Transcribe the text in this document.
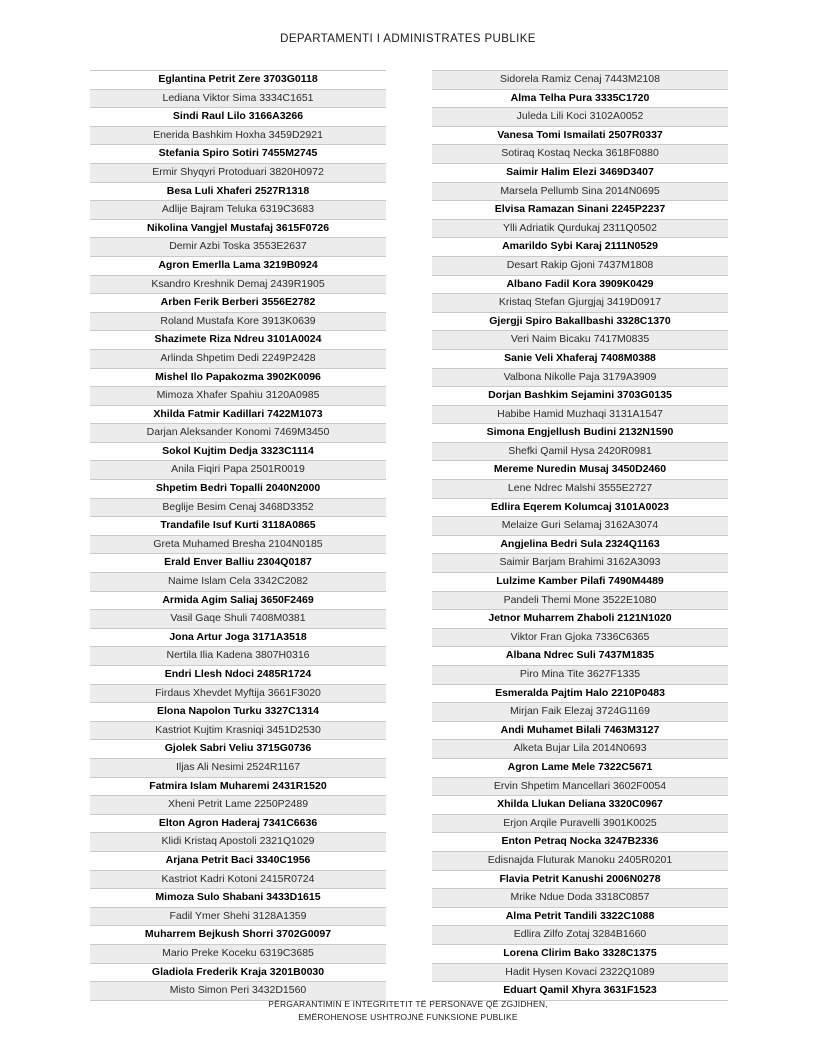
DEPARTAMENTI I ADMINISTRATES PUBLIKE
Eglantina Petrit Zere 3703G0118
Lediana Viktor Sima 3334C1651
Sindi Raul Lilo 3166A3266
Enerida Bashkim Hoxha 3459D2921
Stefania Spiro Sotiri 7455M2745
Ermir Shyqyri Protoduari 3820H0972
Besa Luli Xhaferi 2527R1318
Adlije Bajram Teluka 6319C3683
Nikolina Vangjel Mustafaj 3615F0726
Demir Azbi Toska 3553E2637
Agron Emerlla Lama 3219B0924
Ksandro Kreshnik Demaj 2439R1905
Arben Ferik Berberi 3556E2782
Roland Mustafa Kore 3913K0639
Shazimete Riza Ndreu 3101A0024
Arlinda Shpetim Dedi 2249P2428
Mishel Ilo Papakozma 3902K0096
Mimoza Xhafer Spahiu 3120A0985
Xhilda Fatmir Kadillari 7422M1073
Darjan Aleksander Konomi 7469M3450
Sokol Kujtim Dedja 3323C1114
Anila Fiqiri Papa 2501R0019
Shpetim Bedri Topalli 2040N2000
Beglije Besim Cenaj 3468D3352
Trandafile Isuf Kurti 3118A0865
Greta Muhamed Bresha 2104N0185
Erald Enver Balliu 2304Q0187
Naime Islam Cela 3342C2082
Armida Agim Saliaj 3650F2469
Vasil Gaqe Shuli 7408M0381
Jona Artur Joga 3171A3518
Nertila Ilia Kadena 3807H0316
Endri Llesh Ndoci 2485R1724
Firdaus Xhevdet Myftija 3661F3020
Elona Napolon Turku 3327C1314
Kastriot Kujtim Krasniqi 3451D2530
Gjolek Sabri Veliu 3715G0736
Iljas Ali Nesimi 2524R1167
Fatmira Islam Muharemi 2431R1520
Xheni Petrit Lame 2250P2489
Elton Agron Haderaj 7341C6636
Klidi Kristaq Apostoli 2321Q1029
Arjana Petrit Baci 3340C1956
Kastriot Kadri Kotoni 2415R0724
Mimoza Sulo Shabani 3433D1615
Fadil Ymer Shehi 3128A1359
Muharrem Bejkush Shorri 3702G0097
Mario Preke Koceku 6319C3685
Gladiola Frederik Kraja 3201B0030
Misto Simon Peri 3432D1560
Sidorela Ramiz Cenaj 7443M2108
Alma Telha Pura 3335C1720
Juleda Lili Koci 3102A0052
Vanesa Tomi Ismailati 2507R0337
Sotiraq Kostaq Necka 3618F0880
Saimir Halim Elezi 3469D3407
Marsela Pellumb Sina 2014N0695
Elvisa Ramazan Sinani 2245P2237
Ylli Adriatik Qurdukaj 2311Q0502
Amarildo Sybi Karaj 2111N0529
Desart Rakip Gjoni 7437M1808
Albano Fadil Kora 3909K0429
Kristaq Stefan Gjurgjaj 3419D0917
Gjergji Spiro Bakallbashi 3328C1370
Veri Naim Bicaku 7417M0835
Sanie Veli Xhaferaj 7408M0388
Valbona Nikolle Paja 3179A3909
Dorjan Bashkim Sejamini 3703G0135
Habibe Hamid Muzhaqi 3131A1547
Simona Engjellush Budini 2132N1590
Shefki Qamil Hysa 2420R0981
Mereme Nuredin Musaj 3450D2460
Lene Ndrec Malshi 3555E2727
Edlira Eqerem Kolumcaj 3101A0023
Melaize Guri Selamaj 3162A3074
Angjelina Bedri Sula 2324Q1163
Saimir Barjam Brahimi 3162A3093
Lulzime Kamber Pilafi 7490M4489
Pandeli Themi Mone 3522E1080
Jetnor Muharrem Zhaboli 2121N1020
Viktor Fran Gjoka 7336C6365
Albana Ndrec Suli 7437M1835
Piro Mina Tite 3627F1335
Esmeralda Pajtim Halo 2210P0483
Mirjan Faik Elezaj 3724G1169
Andi Muhamet Bilali 7463M3127
Alketa Bujar Lila 2014N0693
Agron Lame Mele 7322C5671
Ervin Shpetim Mancellari 3602F0054
Xhilda Llukan Deliana 3320C0967
Erjon Arqile Puravelli 3901K0025
Enton Petraq Nocka 3247B2336
Edisnajda Fluturak Manoku 2405R0201
Flavia Petrit Kanushi 2006N0278
Mrike Ndue Doda 3318C0857
Alma Petrit Tandili 3322C1088
Edlira Zilfo Zotaj 3284B1660
Lorena Clirim Bako 3328C1375
Hadit Hysen Kovaci 2322Q1089
Eduart Qamil Xhyra 3631F1523
PËRGARANTIMIN E INTEGRITETIT TË PERSONAVE QË ZGJIDHEN,
EMËROHENOSE USHTROJNË FUNKSIONE PUBLIKE
